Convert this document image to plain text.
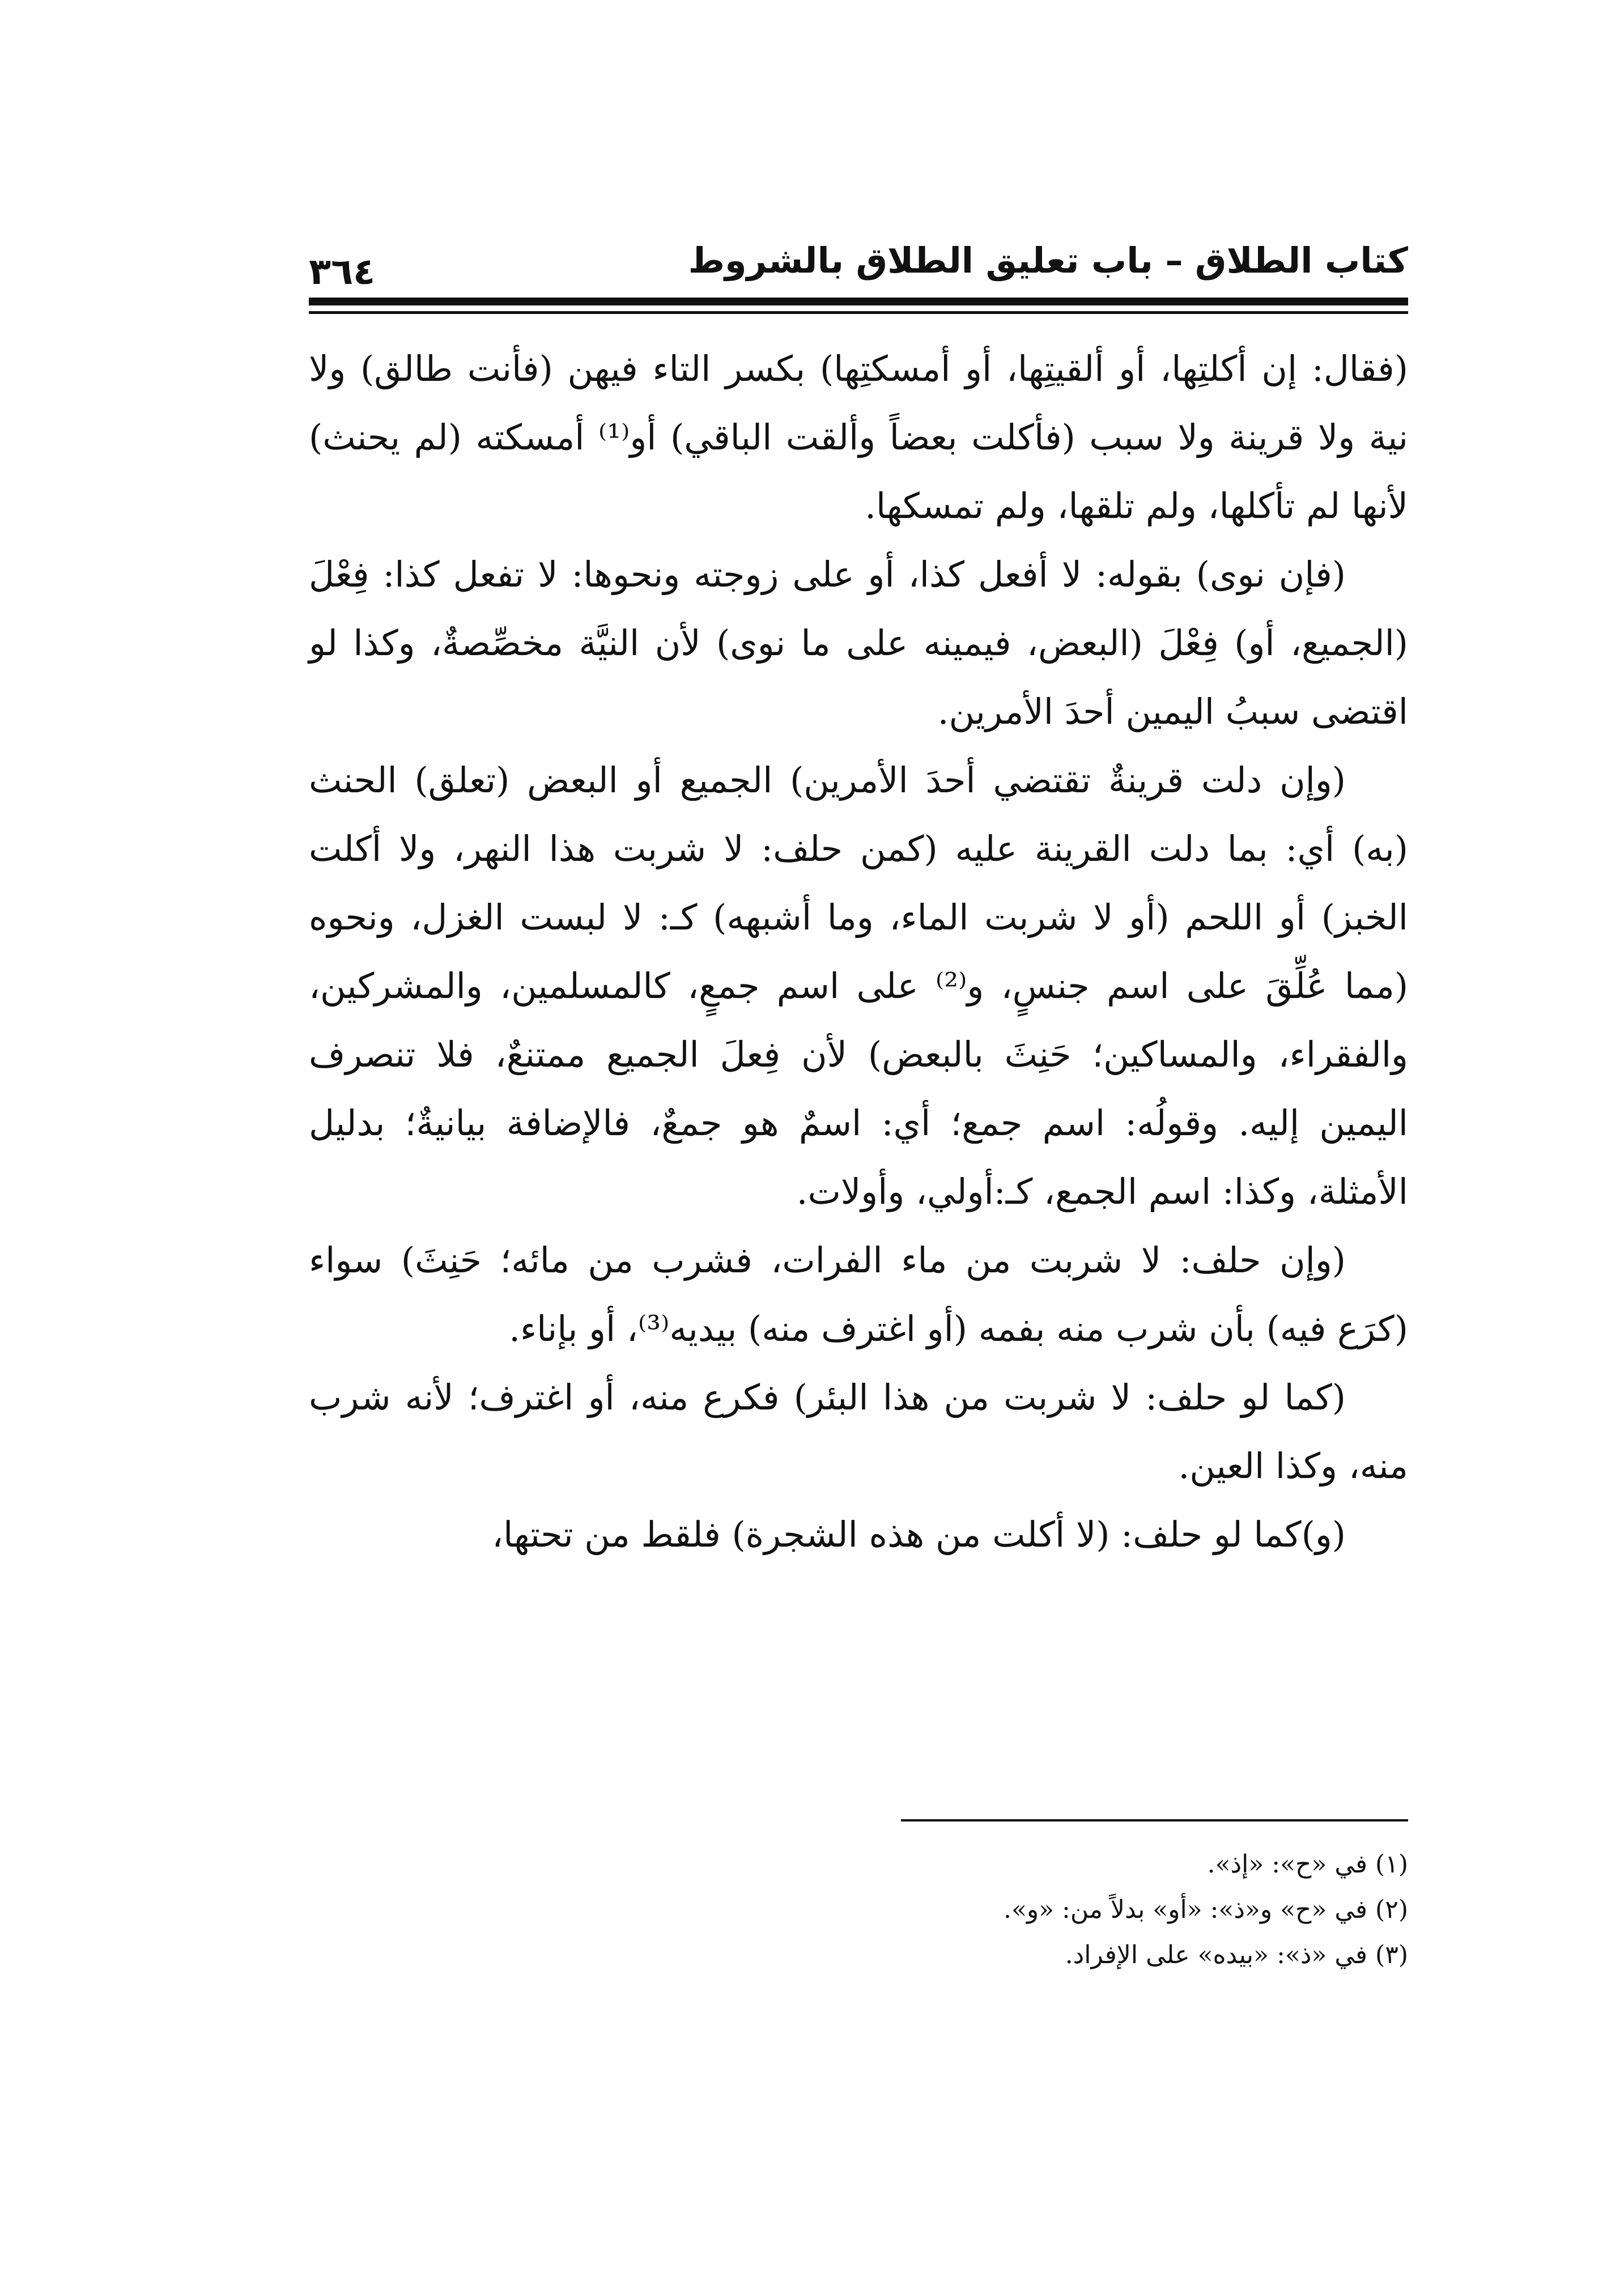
كتاب الطلاق – باب تعليق الطلاق بالشروط
٣٦٤

(فقال: إن أكلتِها، أو ألقيتِها، أو أمسكتِها) بكسر التاء فيهن (فأنت طالق) ولا نية ولا قرينة ولا سبب (فأكلت بعضاً وألقت الباقي) أو⁽¹⁾ أمسكته (لم يحنث) لأنها لم تأكلها، ولم تلقها، ولم تمسكها.

(فإن نوى) بقوله: لا أفعل كذا، أو على زوجته ونحوها: لا تفعل كذا: فِعْلَ (الجميع، أو) فِعْلَ (البعض، فيمينه على ما نوى) لأن النيَّة مخصِّصةٌ، وكذا لو اقتضى سببُ اليمين أحدَ الأمرين.

(وإن دلت قرينةٌ تقتضي أحدَ الأمرين) الجميع أو البعض (تعلق) الحنث (به) أي: بما دلت القرينة عليه (كمن حلف: لا شربت هذا النهر، ولا أكلت الخبز) أو اللحم (أو لا شربت الماء، وما أشبهه) كـ: لا لبست الغزل، ونحوه (مما عُلِّقَ على اسم جنسٍ، و⁽²⁾ على اسم جمعٍ، كالمسلمين، والمشركين، والفقراء، والمساكين؛ حَنِثَ بالبعض) لأن فِعلَ الجميع ممتنعٌ، فلا تنصرف اليمين إليه. وقولُه: اسم جمع؛ أي: اسمٌ هو جمعٌ، فالإضافة بيانيةٌ؛ بدليل الأمثلة، وكذا: اسم الجمع، كـ:أولي، وأولات.

(وإن حلف: لا شربت من ماء الفرات، فشرب من مائه؛ حَنِثَ) سواء (كرَع فيه) بأن شرب منه بفمه (أو اغترف منه) بيديه⁽³⁾، أو بإناء.

(كما لو حلف: لا شربت من هذا البئر) فكرع منه، أو اغترف؛ لأنه شرب منه، وكذا العين.

(و)كما لو حلف: (لا أكلت من هذه الشجرة) فلقط من تحتها،

(١) في «ح»: «إذ».

(٢) في «ح» و«ذ»: «أو» بدلاً من: «و».

(٣) في «ذ»: «بيده» على الإفراد.
